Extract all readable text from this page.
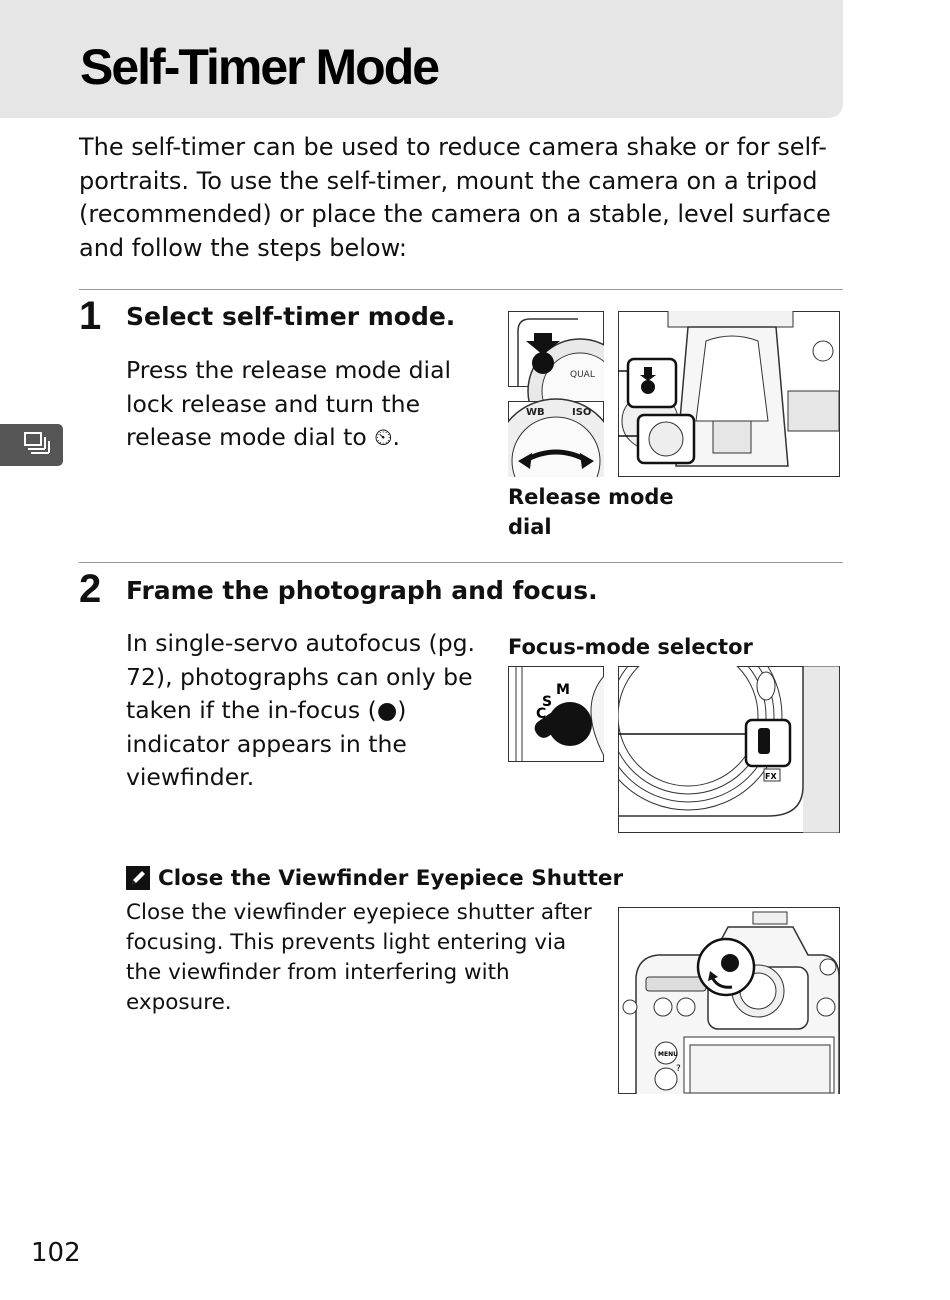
Self-Timer Mode

The self-timer can be used to reduce camera shake or for self-portraits. To use the self-timer, mount the camera on a tripod (recommended) or place the camera on a stable, level surface and follow the steps below:

1 Select self-timer mode.

Press the release mode dial lock release and turn the release mode dial to ⏲.

QUAL
WB	ISO
Release mode dial
2 Frame the photograph and focus.

In single-servo autofocus (pg. 72), photographs can only be taken if the in-focus (●) indicator appears in the viewfinder.

Focus-mode selector
S
M
C
FX
Close the Viewfinder Eyepiece Shutter

Close the viewfinder eyepiece shutter after focusing. This prevents light entering via the viewfinder from interfering with exposure.

MENU
?
102
